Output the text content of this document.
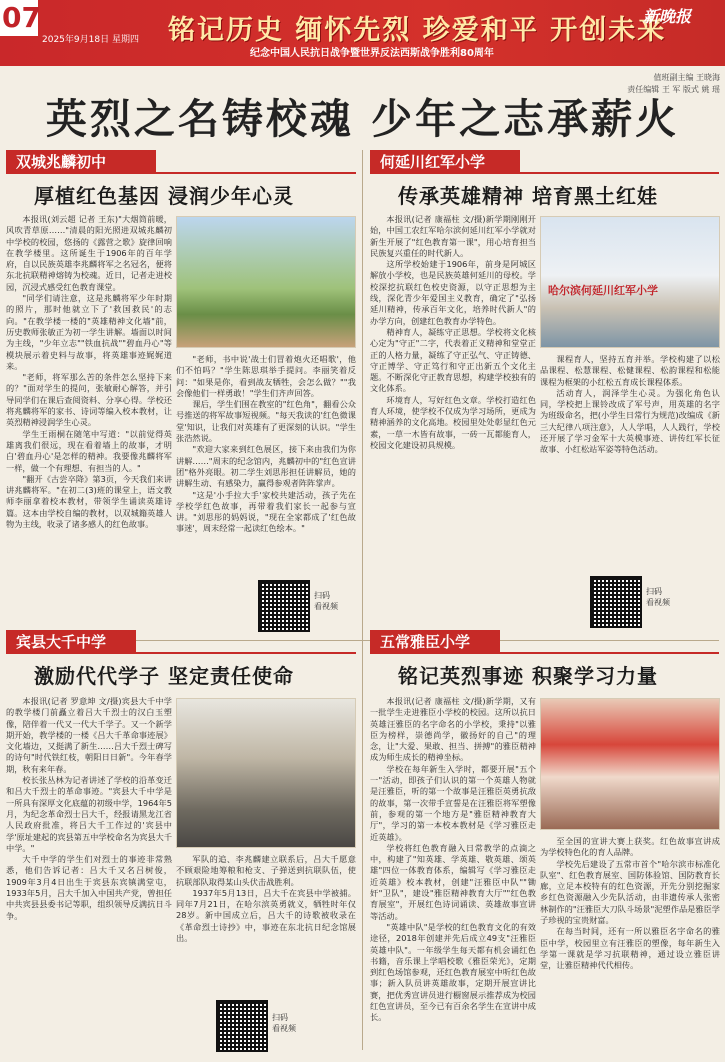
07
2025年9月18日 星期四	铭记历史 缅怀先烈 珍爱和平 开创未来
纪念中国人民抗日战争暨世界反法西斯战争胜利80周年
新晚报
值班副主编 王晓海
责任编辑 王 军 版式 姚 瑶
英烈之名铸校魂 少年之志承薪火
双城兆麟初中
厚植红色基因 浸润少年心灵

本报讯(刘云超 记者 王东)"大烟筒前暖，风吹青草原……"清晨的阳光照进双城兆麟初中学校的校园，悠扬的《露营之歌》旋律回响在教学楼里。这所诞生于1906年的百年学府，自以民族英雄李兆麟将军之名冠名，便将东北抗联精神熔铸为校魂。近日，记者走进校园，沉浸式感受红色教育课堂。

"同学们请注意，这是兆麟将军少年时期的照片，那时他就立下了'救国救民'的志向。"在教学楼一楼的"英雄精神文化墙"前，历史教师张敏正为初一学生讲解。墙面以时间为主线，"少年立志""铁血抗战""碧血丹心"等模块展示着史料与故事，将英雄事迹娓娓道来。

"老师，将军那么苦的条件怎么坚持下来的？"面对学生的提问，张敏耐心解答，并引导同学们在课后查阅资料、分享心得。学校还将兆麟将军的家书、诗词等编入校本教材，让英烈精神浸润学生心灵。

学生王雨桐在随笔中写道："以前觉得英雄离我们很远，现在看着墙上的故事，才明白'碧血丹心'是怎样的精神。我要像兆麟将军一样，做一个有理想、有担当的人。"

"翻开《古尝卒降》第3页，今天我们来讲讲兆麟将军。"在初二(3)班的课堂上，语文教师李丽拿着校本教材，带领学生诵读英雄诗篇。这本由学校自编的教材，以双城籍英雄人物为主线，收录了诸多感人的红色故事。

"老师，书中说'战士们冒着炮火还唱歌'，他们不怕吗？"学生陈思琪举手提问。李丽笑着反问："如果是你，看到战友牺牲，会怎么做？""我会像他们一样勇敢！"学生们齐声回答。

课后，学生们围在教室的"红色角"，翻看公众号推送的将军故事短视频。"每天我读的'红色微课堂'知识，让我们对英雄有了更深刻的认识。"学生张浩然说。

"欢迎大家来到红色展区，接下来由我们为你讲解……"周末的纪念馆内，兆麟初中的"红色宣讲团"格外亮眼。初二学生刘思彤担任讲解员，她的讲解生动、有感染力，赢得参观者阵阵掌声。

"这是'小手拉大手'家校共建活动，孩子先在学校学红色故事，再带着我们家长一起参与宣讲。"刘思彤的妈妈说，"现在全家都成了'红色故事迷'，周末经常一起读红色绘本。"

扫码
看视频
何延川红军小学
传承英雄精神 培育黑土红娃

本报讯(记者 康福柱 文/摄)新学期刚刚开始，中国工农红军哈尔滨何延川红军小学就对新生开展了"红色教育第一课"，用心培育担当民族复兴重任的时代新人。

这所学校始建于1906年，前身是阿城区解放小学校，也是民族英雄何延川的母校。学校深挖抗联红色校史资源，以守正思想为主线，深化青少年爱国主义教育，确定了"弘扬延川精神，传承百年文化，培养时代新人"的办学方向，创建红色教育办学特色。

精神育人，凝练守正思想。学校将文化核心定为"守正"二字，代表着正义精神和堂堂正正的人格力量，凝练了守正弘气、守正铸德、守正博学、守正笃行和守正出新五个文化主题。不断深化守正教育思想，构建学校独有的文化体系。

环境育人，写好红色文章。学校打造红色育人环境，使学校不仅成为学习场所，更成为精神涵养的文化高地。校园里处处彰显红色元素，一草一木皆有故事，一砖一瓦都能育人，校园文化建设初具规模。

哈尔滨何延川红军小学

课程育人，坚持五育并举。学校构建了以松品课程、松慧课程、松健课程、松韵课程和松能课程为框架的小红松五育成长课程体系。

活动育人，润泽学生心灵。为强化角色认同，学校把上课铃改成了军号声，用英雄的名字为班级命名，把(小学生日常行为规范)改编成《新三大纪律八项注意》，人人学唱，人人践行，学校还开展了学习金军十大英模事迹、讲传红军长征故事、小红松站军姿等特色活动。

扫码
看视频
宾县大千中学
激励代代学子 坚定责任使命

本报讯(记者 罗意坤 文/摄)宾县大千中学的教学楼门前矗立着吕大千烈士的汉白玉塑像，陪伴着一代又一代大千学子。又一个新学期开始，教学楼的一楼《吕大千革命事迹展》文化墙边，又挺满了新生……吕大千烈士碑写的诗句"时代铁红枝，朝阳日日新"。今年春学期，秋有来年春。

校长张丛林为记者讲述了学校的沿革变迁和吕大千烈士的革命事迹。"宾县大千中学是一所具有深厚文化底蕴的初级中学，1964年5月，为纪念革命烈士吕大千，经报请黑龙江省人民政府批准，将吕大千工作过的'宾县中学'原址建起的宾县第五中学校命名为宾县大千中学。"

大千中学的学生们对烈士的事迹非常熟悉，他们告诉记者：吕大千又名吕树俊，1909年3月4日出生于宾县东宾镇满堂屯，1933年5月，吕大千加入中国共产党，曾担任中共宾县县委书记等职，组织领导反满抗日斗争。

军队的追、李兆麟建立联系后，吕大千愿意不顾艰险地筹粮和枪支、子弹送到抗联队伍，使抗联部队取得某山头伏击战胜利。

1937年5月13日，吕大千在宾县中学被捕。同年7月21日，在哈尔滨英勇就义，牺牲时年仅28岁。新中国成立后，吕大千的诗歌被收录在《革命烈士诗抄》中，事迹在东北抗日纪念馆展出。

扫码
看视频
五常雅臣小学
铭记英烈事迹 积聚学习力量

本报讯(记者 康福柱 文/摄)新学期，又有一批学生走进雅臣小学校的校园。这所以抗日英雄汪雅臣的名字命名的小学校，秉持"以雅臣为榜样，崇德尚学，徽扬好的自己"的理念，让"大爱、果敢、担当、拼搏"的雅臣精神成为师生成长的精神坐标。

学校在每年新生入学时，都要开展"五个一"活动，即孩子们认识的第一个英雄人物就是汪雅臣，听的第一个故事是汪雅臣英勇抗敌的故事，第一次带手宣誓是在汪雅臣将军塑像前，参观的第一个地方是"雅臣精神教育大厅"，学习的第一本校本教材是《学习雅臣走近英雄》。

学校将红色教育融入日常教学的点滴之中，构建了"知英雄、学英雄、敬英雄、颂英雄"四位一体教育体系，编辑写《学习雅臣走近英雄》校本教材，创建"汪雅臣中队""锄奸"卫队"，建设"雅臣精神教育大厅""红色教育展室"，开展红色诗词诵读、英雄故事宣讲等活动。

"英雄中队"是学校的红色教育文化的有效途径，2018年创建并先后成立49支"汪雅臣英雄中队"。一年级学生每天都有机会诵红色书籍，音乐课上学唱校歌《雅臣荣光》，定期到红色场馆参观，还红色教育展室中听红色故事；新入队员讲英雄故事，定期开展宣讲比赛，把优秀宣讲员进行橱窗展示推荐成为校园红色宣讲员，至今已有百余名学生在宣讲中成长。

至全国的宣讲大赛上获奖。红色故事宣讲成为学校特色化的育人品牌。

学校先后建设了五常市首个"哈尔滨市标准化队室"、红色教育展室、国防体验馆、国防教育长廊，立足本校特有的红色资源，开先分别挖掘家乡红色资源融入少先队活动，由非遗传承人张密林制作的"汪雅臣大刀队斗场景"泥塑作品是雅臣学子珍视的宝贵财富。

在每当时间，还有一所以雅臣名字命名的雅臣中学，校园里立有汪雅臣的塑像，每年新生入学第一课就是学习抗联精神，通过设立雅臣讲堂，让雅臣精神代代相传。
